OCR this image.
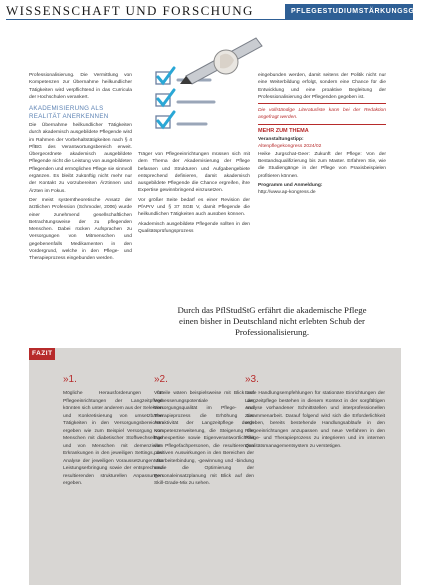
WISSENSCHAFT UND FORSCHUNG	PFLEGESTUDIUMSTÄRKUNGSGESETZ

Professionalisierung. Die Vermittlung von Kompetenzen zur Übernahme heilkundlicher Tätigkeiten wird verpflichtend in das Curricula der Hochschulen verankert.

AKADEMISIERUNG ALS REALITÄT ANERKENNEN

Die Übernahme heilkundlicher Tätigkeiten durch akademisch ausgebildete Pflegende wird im Rahmen der Vorbehaltstätigkeiten nach § 4 PflBG des Verantwortungsbereich erweit. Übergeordnete akademisch ausgebildete Pflegende nicht die Leistung von ausgebildeten Pflegenden und ermöglichen Pflege sie sinnvoll ergänzen. Es bleibt zukünftig nicht mehr nur der Kontakt zu vorzubereiten Ärztinnen und Ärzten im Fokus.

Der meist systemtheoretische Ansatz der ärztlichen Profession (Schmoder, 2006) wurde einer zunehmend gesellschaftlichen Betrachtungsweise der zu pflegenden Menschen. Dabei rücken Aufsprachen zu Versorgungen von Mitmenschen und gegebenenfalls Medikamenten in den Vordergrund, welche in den Pflege- und Therapieprozess eingebunden werden.

Träger von Pflegeeinrichtungen müssen sich mit dem Thema der Akademisierung der Pflege befassen und Strukturen und Aufgabengebiete entsprechend definieren, damit akademisch ausgebildete Pflegende die Chance ergreifen, ihre Expertise gewinnbringend einzusetzen.

Vor größer Seite bedarf es einer Revision der PfAPrV und § 37 SGB V, damit Pflegende die heilkundlichen Tätigkeiten auch ausüben können.

Akademisch ausgebildete Pflegende sollten in den Qualitätsprüfungsprozess

eingebunden werden, damit seitens der Politik nicht nur eine Weiterbildung erfolgt, sondern eine Chance für die Entwicklung und eine proaktive Begleitung der Professionalisierung der Pflegenden gegeben ist.

Die vollständige Literaturliste kann bei der Redaktion angefragt werden.

MEHR ZUM THEMA
Veranstaltungstipp:
Altenpflegekongress 2024/02

Heike Jurgschat-Geer: Zukunft der Pflege: Von der Bestandsqualifizierung bis zum Master. Erfahren Sie, wie die Studiengänge in der Pflege von Praxisbeispielen profitieren können.

Programm und Anmeldung:
http://www.ap-kongress.de
Durch das PflStudStG erfährt die akademische Pflege einen bisher in Deutschland nicht erlebten Schub der Professionalisierung.
FAZIT
»1.
Mögliche Herausforderungen für Pflegeeinrichtungen der Langzeitpflege könnten sich unter anderem aus der Selektion und Konkretisierung von umsetzbaren Tätigkeiten in den Versorgungsbereichen ergeben wie zum Beispiel Versorgung von Menschen mit diabetischer Stoffwechsellage und von Menschen mit demenziellen Erkrankungen in den jeweiligen Settings, der Analyse der jeweiligen Voraussetzungen zur Leistungserbringung sowie der entsprechend resultierenden strukturellen Anpassungen ergeben.
»2.
Vorteile wären beispielsweise mit Blick auf Verbesserungspotentiale der Versorgungsqualität im Pflege- und Therapieprozess die Erhöhung der Attraktivität der Langzeitpflege durch Kompetenzerweiterung, die Steigerung der Fachexpertise sowie Eigenverantwortlichkeit von Pflegefachpersonen, die resultierenden positiven Auswirkungen in den Bereichen der Mitarbeiterbindung, -gewinnung und -bindung sowie die Optimierung der Personaleinsatzplanung mit Blick auf den Skill-Grade-Mix zu sehen.
»3.
Erste Handlungsempfehlungen für stationäre Einrichtungen der Langzeitpflege bestehen in diesem Kontext in der sorgfältigen Analyse vorhandener Schnittstellen und interprofessionellen Zusammenarbeit. Darauf folgend wird sich die Erforderlichkeit ergeben, bereits bestehende Handlungsabläufe in den Pflegeeinrichtungen anzupassen und neue Verfahren in den Pflege- und Therapieprozess zu integrieren und im internen Qualitätsmanagementsystem zu verstetigen.
